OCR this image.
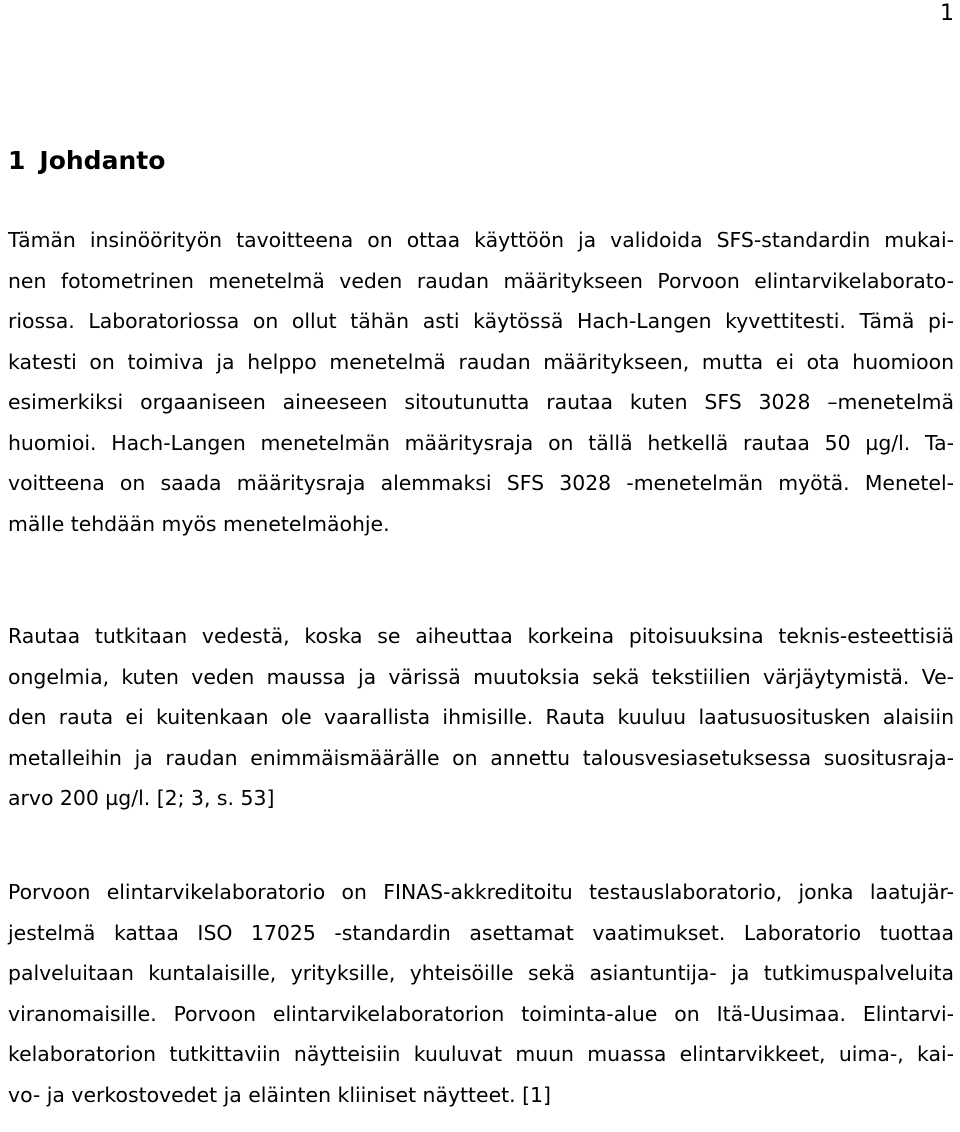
1
1 Johdanto
Tämän insinöörityön tavoitteena on ottaa käyttöön ja validoida SFS-standardin mukai-
nen fotometrinen menetelmä veden raudan määritykseen Porvoon elintarvikelaborato-
riossa. Laboratoriossa on ollut tähän asti käytössä Hach-Langen kyvettitesti. Tämä pi-
katesti on toimiva ja helppo menetelmä raudan määritykseen, mutta ei ota huomioon
esimerkiksi orgaaniseen aineeseen sitoutunutta rautaa kuten SFS 3028 –menetelmä
huomioi. Hach-Langen menetelmän määritysraja on tällä hetkellä rautaa 50 µg/l. Ta-
voitteena on saada määritysraja alemmaksi SFS 3028 -menetelmän myötä. Menetel-
mälle tehdään myös menetelmäohje.
Rautaa tutkitaan vedestä, koska se aiheuttaa korkeina pitoisuuksina teknis-esteettisiä
ongelmia, kuten veden maussa ja värissä muutoksia sekä tekstiilien värjäytymistä. Ve-
den rauta ei kuitenkaan ole vaarallista ihmisille. Rauta kuuluu laatusuositusken alaisiin
metalleihin ja raudan enimmäismäärälle on annettu talousvesiasetuksessa suositusraja-
arvo 200 µg/l. [2; 3, s. 53]
Porvoon elintarvikelaboratorio on FINAS-akkreditoitu testauslaboratorio, jonka laatujär-
jestelmä kattaa ISO 17025 -standardin asettamat vaatimukset. Laboratorio tuottaa
palveluitaan kuntalaisille, yrityksille, yhteisöille sekä asiantuntija- ja tutkimuspalveluita
viranomaisille. Porvoon elintarvikelaboratorion toiminta-alue on Itä-Uusimaa. Elintarvi-
kelaboratorion tutkittaviin näytteisiin kuuluvat muun muassa elintarvikkeet, uima-, kai-
vo- ja verkostovedet ja eläinten kliiniset näytteet. [1]
